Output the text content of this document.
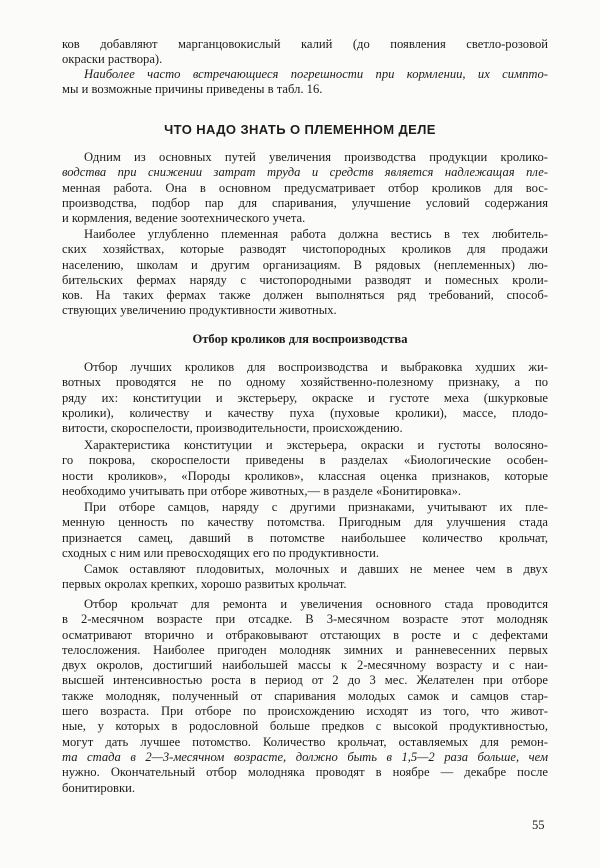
ков добавляют марганцовокислый калий (до появления светло-розовой
окраски раствора).
Наиболее часто встречающиеся погрешности при кормлении, их симпто-
мы и возможные причины приведены в табл. 16.
ЧТО НАДО ЗНАТЬ О ПЛЕМЕННОМ ДЕЛЕ
Одним из основных путей увеличения производства продукции кролико-
водства при снижении затрат труда и средств является надлежащая пле-
менная работа. Она в основном предусматривает отбор кроликов для вос-
производства, подбор пар для спаривания, улучшение условий содержания
и кормления, ведение зоотехнического учета.
Наиболее углубленно племенная работа должна вестись в тех любитель-
ских хозяйствах, которые разводят чистопородных кроликов для продажи
населению, школам и другим организациям. В рядовых (неплеменных) лю-
бительских фермах наряду с чистопородными разводят и помесных кроли-
ков. На таких фермах также должен выполняться ряд требований, способ-
ствующих увеличению продуктивности животных.
Отбор кроликов для воспроизводства
Отбор лучших кроликов для воспроизводства и выбраковка худших жи-
вотных проводятся не по одному хозяйственно-полезному признаку, а по
ряду их: конституции и экстерьеру, окраске и густоте меха (шкурковые
кролики), количеству и качеству пуха (пуховые кролики), массе, плодо-
витости, скороспелости, производительности, происхождению.
Характеристика конституции и экстерьера, окраски и густоты волосяно-
го покрова, скороспелости приведены в разделах «Биологические особен-
ности кроликов», «Породы кроликов», классная оценка признаков, которые
необходимо учитывать при отборе животных,— в разделе «Бонитировка».
При отборе самцов, наряду с другими признаками, учитывают их пле-
менную ценность по качеству потомства. Пригодным для улучшения стада
признается самец, давший в потомстве наибольшее количество крольчат,
сходных с ним или превосходящих его по продуктивности.
Самок оставляют плодовитых, молочных и давших не менее чем в двух
первых окролах крепких, хорошо развитых крольчат.
Отбор крольчат для ремонта и увеличения основного стада проводится
в 2-месячном возрасте при отсадке. В 3-месячном возрасте этот молодняк
осматривают вторично и отбраковывают отстающих в росте и с дефектами
телосложения. Наиболее пригоден молодняк зимних и ранневесенних первых
двух окролов, достигший наибольшей массы к 2-месячному возрасту и с наи-
высшей интенсивностью роста в период от 2 до 3 мес. Желателен при отборе
также молодняк, полученный от спаривания молодых самок и самцов стар-
шего возраста. При отборе по происхождению исходят из того, что живот-
ные, у которых в родословной больше предков с высокой продуктивностью,
могут дать лучшее потомство. Количество крольчат, оставляемых для ремон-
та стада в 2—3-месячном возрасте, должно быть в 1,5—2 раза больше, чем
нужно. Окончательный отбор молодняка проводят в ноябре — декабре после
бонитировки.
55
